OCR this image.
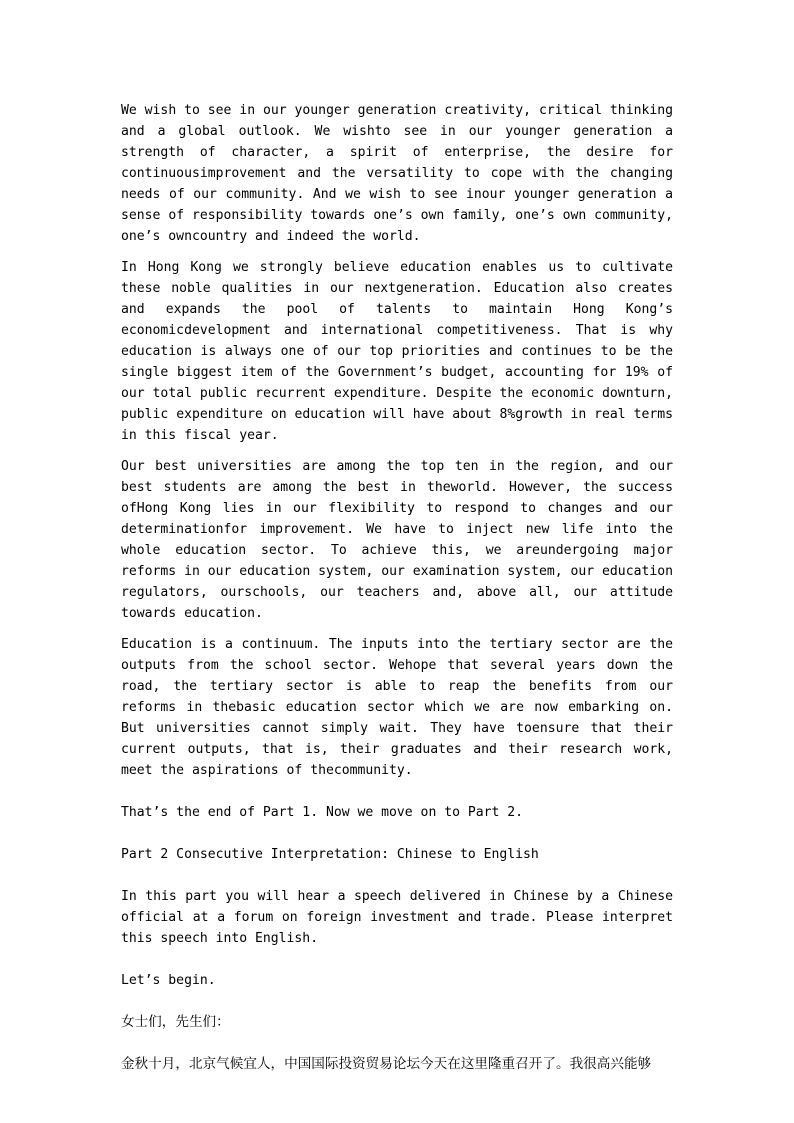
We wish to see in our younger generation creativity, critical thinking and a global outlook. We wishto see in our younger generation a strength of character, a spirit of enterprise, the desire for continuousimprovement and the versatility to cope with the changing needs of our community. And we wish to see inour younger generation a sense of responsibility towards one’s own family, one’s own community, one’s owncountry and indeed the world.

In Hong Kong we strongly believe education enables us to cultivate these noble qualities in our nextgeneration. Education also creates and expands the pool of talents to maintain Hong Kong’s economicdevelopment and international competitiveness. That is why education is always one of our top priorities and continues to be the single biggest item of the Government’s budget, accounting for 19% of our total public recurrent expenditure. Despite the economic downturn, public expenditure on education will have about 8%growth in real terms in this fiscal year.

Our best universities are among the top ten in the region, and our best students are among the best in theworld. However, the success ofHong Kong lies in our flexibility to respond to changes and our determinationfor improvement. We have to inject new life into the whole education sector. To achieve this, we areundergoing major reforms in our education system, our examination system, our education regulators, ourschools, our teachers and, above all, our attitude towards education.

Education is a continuum. The inputs into the tertiary sector are the outputs from the school sector. Wehope that several years down the road, the tertiary sector is able to reap the benefits from our reforms in thebasic education sector which we are now embarking on. But universities cannot simply wait. They have toensure that their current outputs, that is, their graduates and their research work, meet the aspirations of thecommunity.

That’s the end of Part 1. Now we move on to Part 2.

Part 2 Consecutive Interpretation: Chinese to English

In this part you will hear a speech delivered in Chinese by a Chinese official at a forum on foreign investment and trade. Please interpret this speech into English.

Let’s begin.

女士们，先生们：

金秋十月，北京气候宜人，中国国际投资贸易论坛今天在这里隆重召开了。我很高兴能够
